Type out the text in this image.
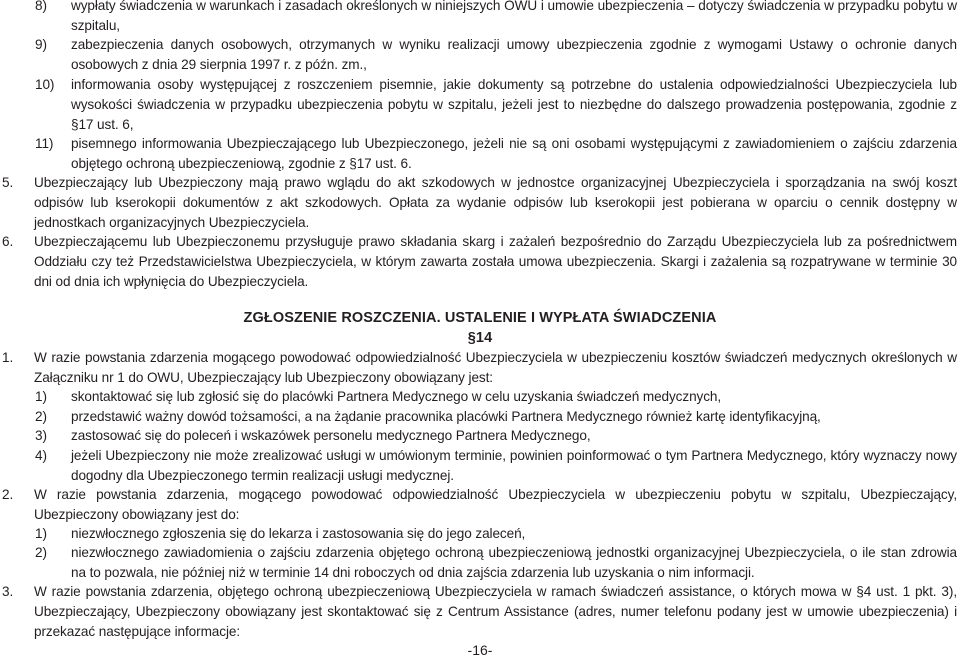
8) wypłaty świadczenia w warunkach i zasadach określonych w niniejszych OWU i umowie ubezpieczenia – dotyczy świadczenia w przypadku pobytu w szpitalu,
9) zabezpieczenia danych osobowych, otrzymanych w wyniku realizacji umowy ubezpieczenia zgodnie z wymogami Ustawy o ochronie danych osobowych z dnia 29 sierpnia 1997 r. z późn. zm.,
10) informowania osoby występującej z roszczeniem pisemnie, jakie dokumenty są potrzebne do ustalenia odpowiedzialności Ubezpieczyciela lub wysokości świadczenia w przypadku ubezpieczenia pobytu w szpitalu, jeżeli jest to niezbędne do dalszego prowadzenia postępowania, zgodnie z §17 ust. 6,
11) pisemnego informowania Ubezpieczającego lub Ubezpieczonego, jeżeli nie są oni osobami występującymi z zawiadomieniem o zajściu zdarzenia objętego ochroną ubezpieczeniową, zgodnie z §17 ust. 6.
5. Ubezpieczający lub Ubezpieczony mają prawo wglądu do akt szkodowych w jednostce organizacyjnej Ubezpieczyciela i sporządzania na swój koszt odpisów lub kserokopii dokumentów z akt szkodowych. Opłata za wydanie odpisów lub kserokopii jest pobierana w oparciu o cennik dostępny w jednostkach organizacyjnych Ubezpieczyciela.
6. Ubezpieczającemu lub Ubezpieczonemu przysługuje prawo składania skarg i zażaleń bezpośrednio do Zarządu Ubezpieczyciela lub za pośrednictwem Oddziału czy też Przedstawicielstwa Ubezpieczyciela, w którym zawarta została umowa ubezpieczenia. Skargi i zażalenia są rozpatrywane w terminie 30 dni od dnia ich wpłynięcia do Ubezpieczyciela.
ZGŁOSZENIE ROSZCZENIA. USTALENIE I WYPŁATA ŚWIADCZENIA
§14
1. W razie powstania zdarzenia mogącego powodować odpowiedzialność Ubezpieczyciela w ubezpieczeniu kosztów świadczeń medycznych określonych w Załączniku nr 1 do OWU, Ubezpieczający lub Ubezpieczony obowiązany jest:
1) skontaktować się lub zgłosić się do placówki Partnera Medycznego w celu uzyskania świadczeń medycznych,
2) przedstawić ważny dowód tożsamości, a na żądanie pracownika placówki Partnera Medycznego również kartę identyfikacyjną,
3) zastosować się do poleceń i wskazówek personelu medycznego Partnera Medycznego,
4) jeżeli Ubezpieczony nie może zrealizować usługi w umówionym terminie, powinien poinformować o tym Partnera Medycznego, który wyznaczy nowy dogodny dla Ubezpieczonego termin realizacji usługi medycznej.
2. W razie powstania zdarzenia, mogącego powodować odpowiedzialność Ubezpieczyciela w ubezpieczeniu pobytu w szpitalu, Ubezpieczający, Ubezpieczony obowiązany jest do:
1) niezwłocznego zgłoszenia się do lekarza i zastosowania się do jego zaleceń,
2) niezwłocznego zawiadomienia o zajściu zdarzenia objętego ochroną ubezpieczeniową jednostki organizacyjnej Ubezpieczyciela, o ile stan zdrowia na to pozwala, nie później niż w terminie 14 dni roboczych od dnia zajścia zdarzenia lub uzyskania o nim informacji.
3. W razie powstania zdarzenia, objętego ochroną ubezpieczeniową Ubezpieczyciela w ramach świadczeń assistance, o których mowa w §4 ust. 1 pkt. 3), Ubezpieczający, Ubezpieczony obowiązany jest skontaktować się z Centrum Assistance (adres, numer telefonu podany jest w umowie ubezpieczenia) i przekazać następujące informacje:
-16-
